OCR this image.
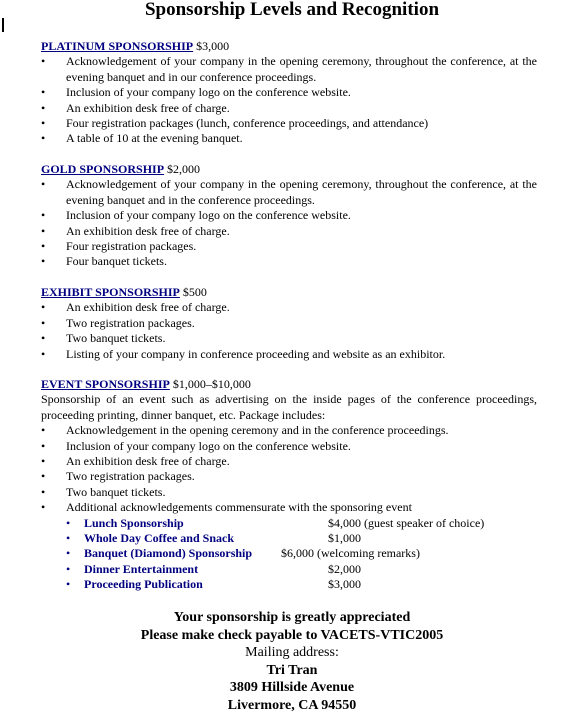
Sponsorship Levels and Recognition
PLATINUM SPONSORSHIP $3,000
• Acknowledgement of your company in the opening ceremony, throughout the conference, at the evening banquet and in our conference proceedings.
• Inclusion of your company logo on the conference website.
• An exhibition desk free of charge.
• Four registration packages (lunch, conference proceedings, and attendance)
• A table of 10 at the evening banquet.
GOLD SPONSORSHIP $2,000
• Acknowledgement of your company in the opening ceremony, throughout the conference, at the evening banquet and in the conference proceedings.
• Inclusion of your company logo on the conference website.
• An exhibition desk free of charge.
• Four registration packages.
• Four banquet tickets.
EXHIBIT SPONSORSHIP $500
• An exhibition desk free of charge.
• Two registration packages.
• Two banquet tickets.
• Listing of your company in conference proceeding and website as an exhibitor.
EVENT SPONSORSHIP $1,000–$10,000
Sponsorship of an event such as advertising on the inside pages of the conference proceedings, proceeding printing, dinner banquet, etc. Package includes:
• Acknowledgement in the opening ceremony and in the conference proceedings.
• Inclusion of your company logo on the conference website.
• An exhibition desk free of charge.
• Two registration packages.
• Two banquet tickets.
• Additional acknowledgements commensurate with the sponsoring event
• Lunch Sponsorship	$4,000 (guest speaker of choice)
• Whole Day Coffee and Snack	$1,000
• Banquet (Diamond) Sponsorship $6,000 (welcoming remarks)
• Dinner Entertainment	$2,000
• Proceeding Publication	$3,000
Your sponsorship is greatly appreciated
Please make check payable to VACETS-VTIC2005
Mailing address:
Tri Tran
3809 Hillside Avenue
Livermore, CA 94550
